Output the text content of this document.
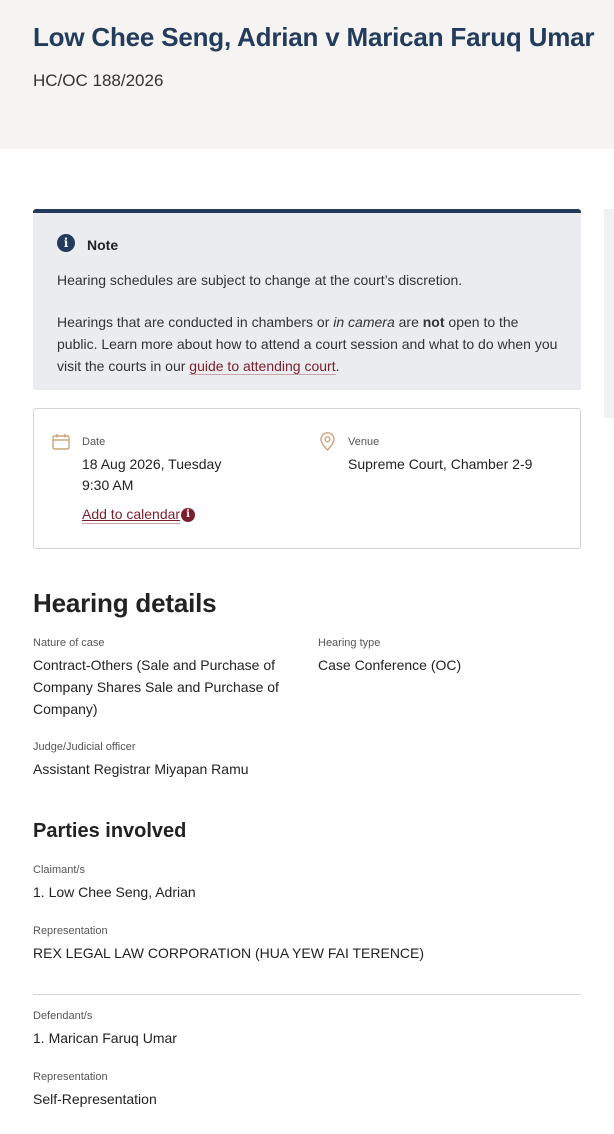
Low Chee Seng, Adrian v Marican Faruq Umar
HC/OC 188/2026
i	Note

Hearing schedules are subject to change at the court’s discretion.

Hearings that are conducted in chambers or in camera are not open to the public. Learn more about how to attend a court session and what to do when you visit the courts in our guide to attending court.

Date
18 Aug 2026, Tuesday
9:30 AM
Add to calendar i
Venue
Supreme Court, Chamber 2-9
Hearing details
Nature of case
Contract-Others (Sale and Purchase of
Company Shares Sale and Purchase of
Company)
Hearing type
Case Conference (OC)
Judge/Judicial officer
Assistant Registrar Miyapan Ramu
Parties involved
Claimant/s
1. Low Chee Seng, Adrian
Representation
REX LEGAL LAW CORPORATION (HUA YEW FAI TERENCE)
Defendant/s
1. Marican Faruq Umar
Representation
Self-Representation
